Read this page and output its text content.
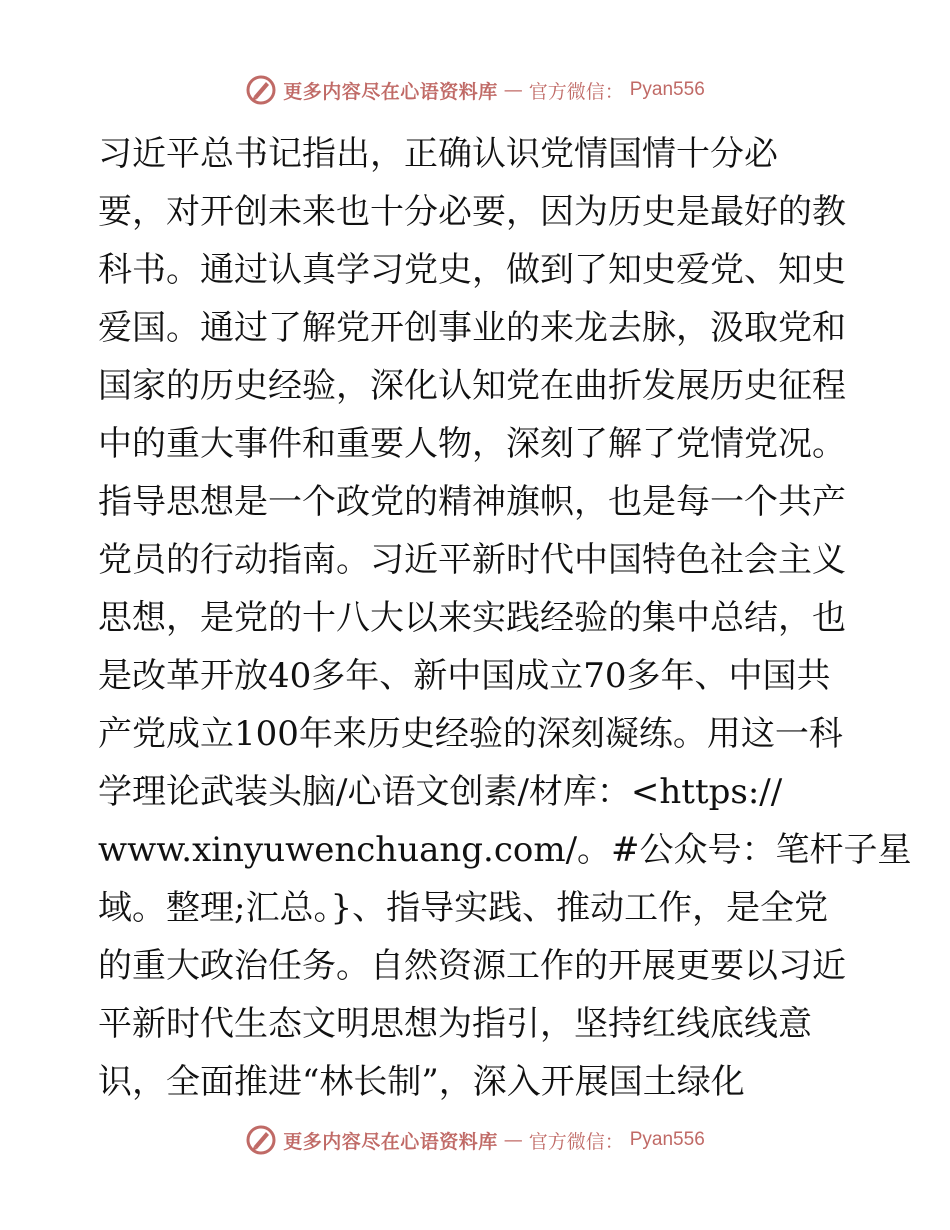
更多内容尽在心语资料库 — 官方微信： Pyan556
习近平总书记指出，正确认识党情国情十分必
要，对开创未来也十分必要，因为历史是最好的教
科书。通过认真学习党史，做到了知史爱党、知史
爱国。通过了解党开创事业的来龙去脉，汲取党和
国家的历史经验，深化认知党在曲折发展历史征程
中的重大事件和重要人物，深刻了解了党情党况。
指导思想是一个政党的精神旗帜，也是每一个共产
党员的行动指南。习近平新时代中国特色社会主义
思想，是党的十八大以来实践经验的集中总结，也
是改革开放40多年、新中国成立70多年、中国共
产党成立100年来历史经验的深刻凝练。用这一科
学理论武装头脑/心语文创素/材库：<https://
www.xinyuwenchuang.com/。#公众号：笔杆子星
域。整理;汇总。}、指导实践、推动工作，是全党
的重大政治任务。自然资源工作的开展更要以习近
平新时代生态文明思想为指引，坚持红线底线意
识，全面推进“林长制”，深入开展国土绿化
更多内容尽在心语资料库 — 官方微信： Pyan556
